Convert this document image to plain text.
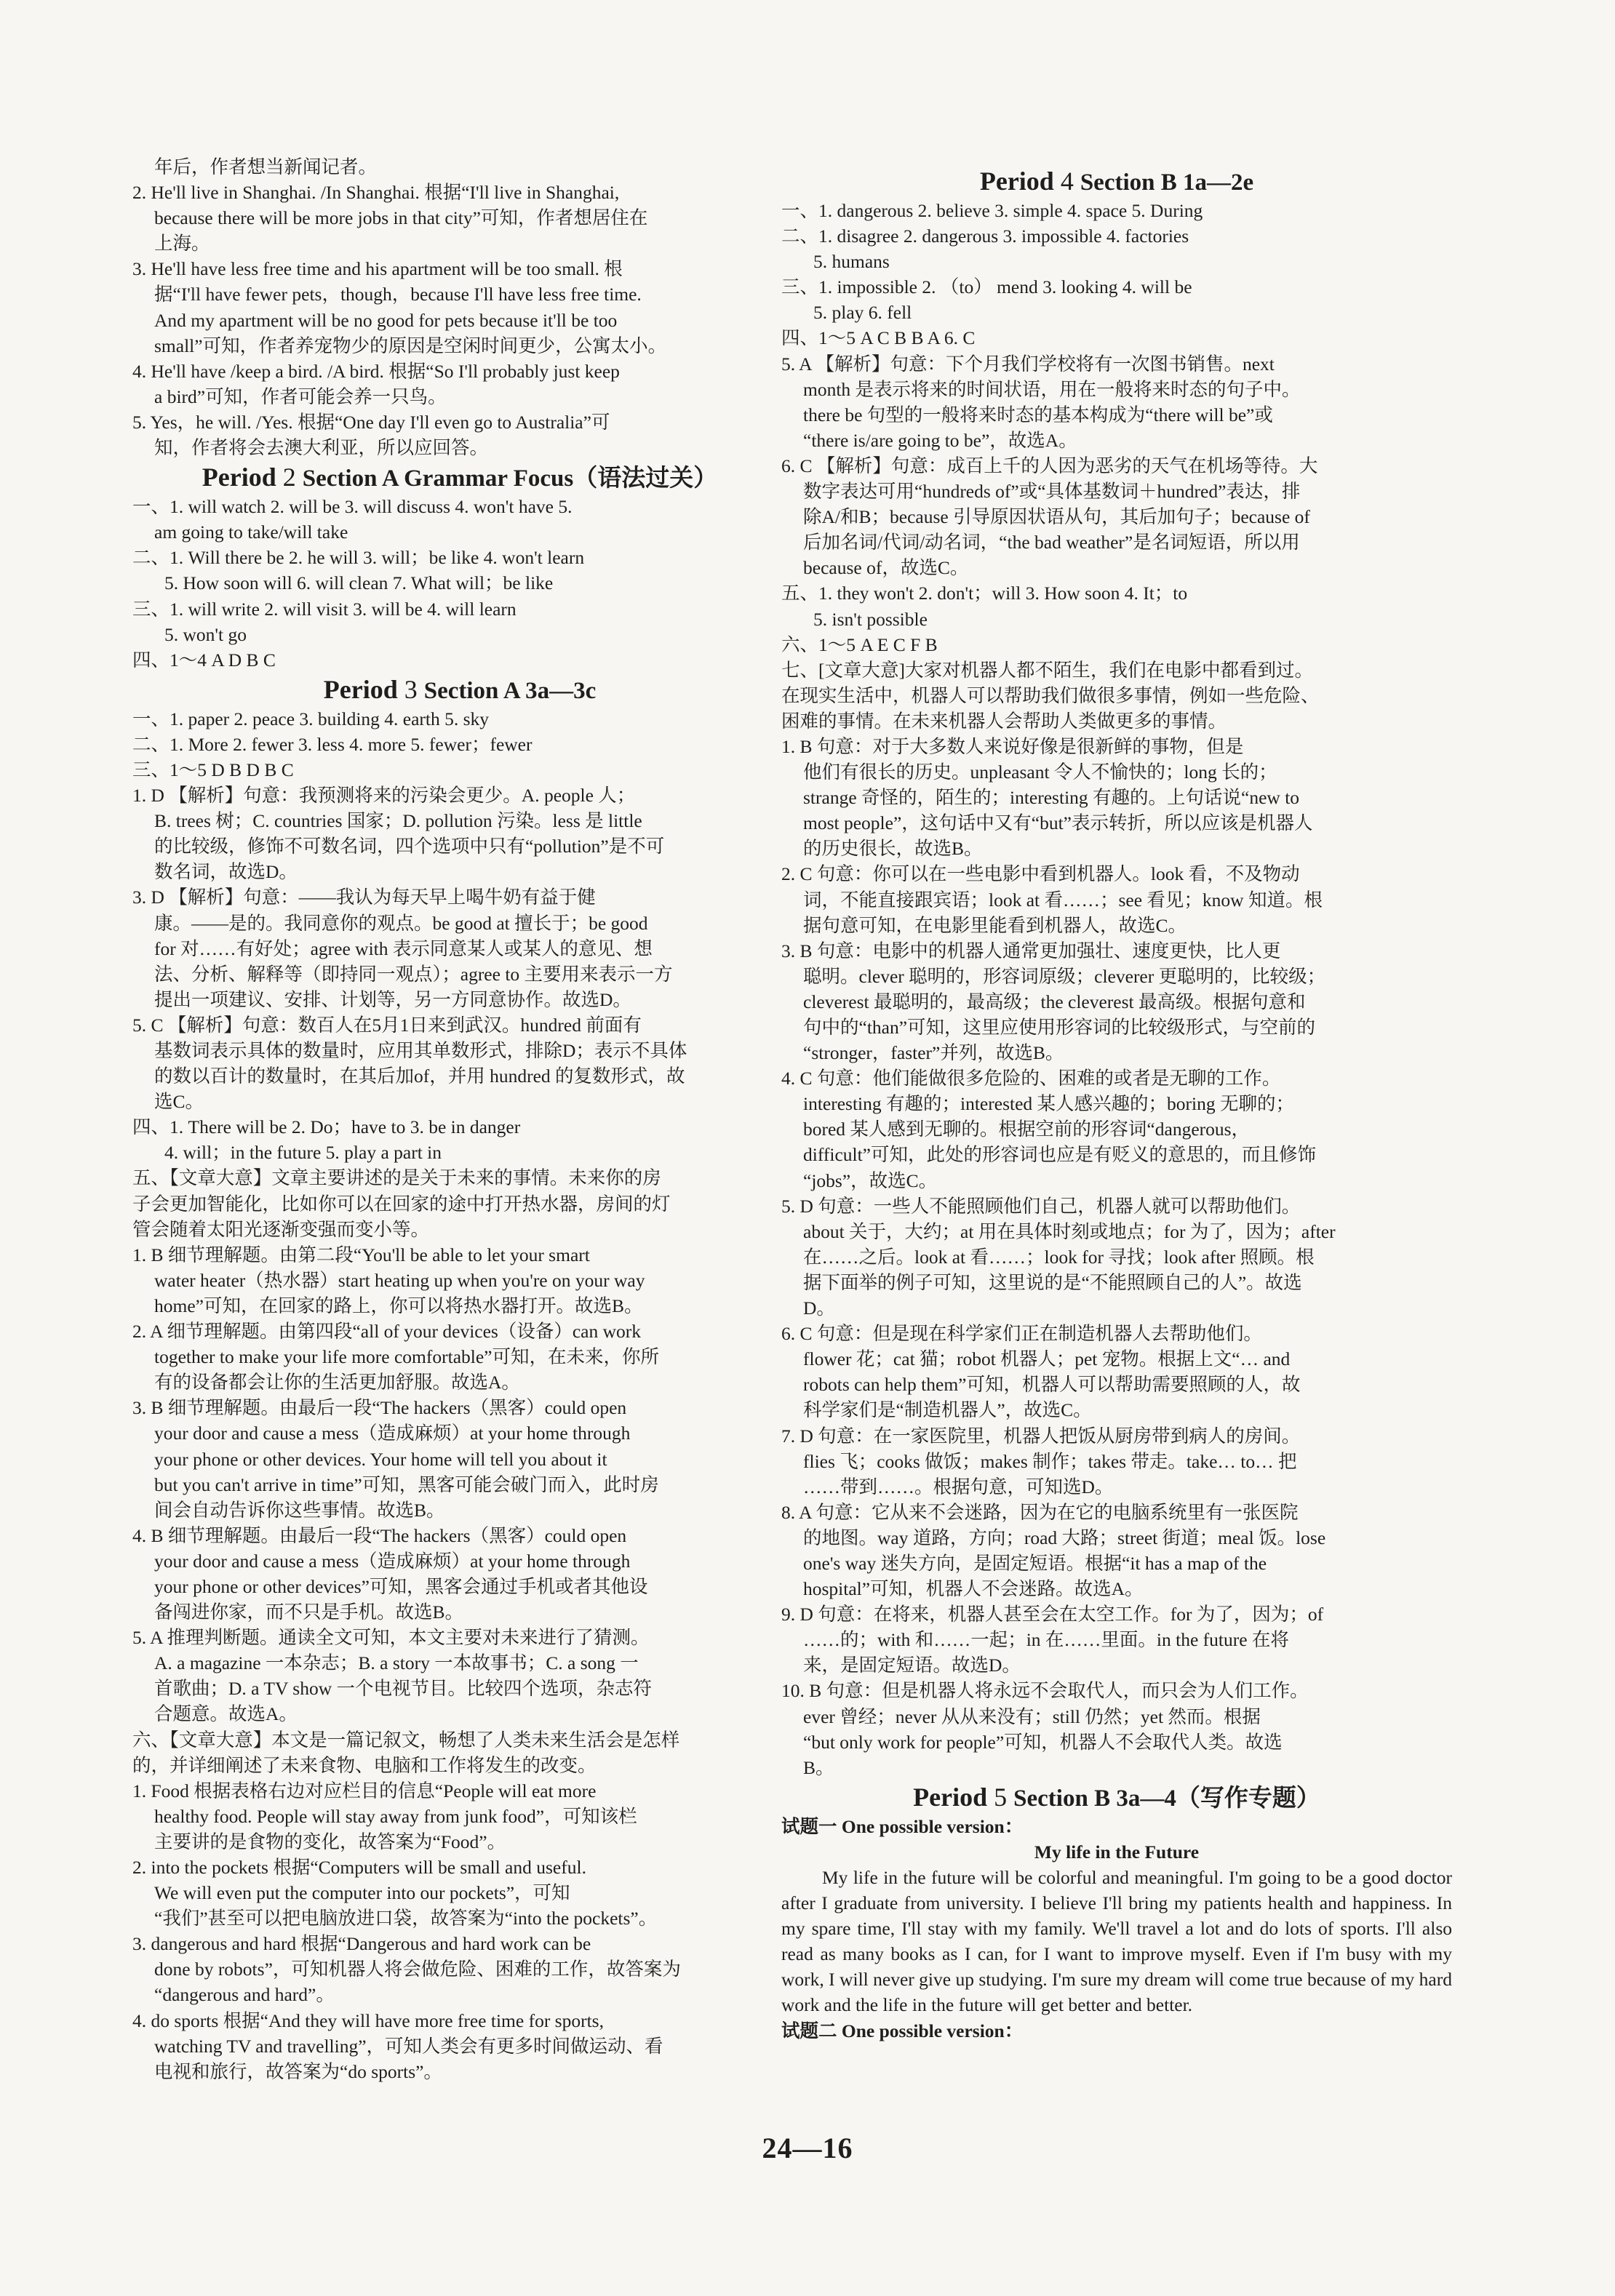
年后，作者想当新闻记者。
2. He'll live in Shanghai. /In Shanghai. 根据“I'll live in Shanghai,
because there will be more jobs in that city”可知，作者想居住在
上海。
3. He'll have less free time and his apartment will be too small. 根
据“I'll have fewer pets，though，because I'll have less free time.
And my apartment will be no good for pets because it'll be too
small”可知，作者养宠物少的原因是空闲时间更少，公寓太小。
4. He'll have /keep a bird. /A bird. 根据“So I'll probably just keep
a bird”可知，作者可能会养一只鸟。
5. Yes，he will. /Yes. 根据“One day I'll even go to Australia”可
知，作者将会去澳大利亚，所以应回答。
Period 2 Section A Grammar Focus（语法过关）
一、1. will watch 2. will be 3. will discuss 4. won't have 5.
am going to take/will take
二、1. Will there be 2. he will 3. will；be like 4. won't learn
5. How soon will 6. will clean 7. What will；be like
三、1. will write 2. will visit 3. will be 4. will learn
5. won't go
四、1～4 A D B C
Period 3 Section A 3a—3c
一、1. paper 2. peace 3. building 4. earth 5. sky
二、1. More 2. fewer 3. less 4. more 5. fewer；fewer
三、1～5 D B D B C
1. D 【解析】句意：我预测将来的污染会更少。A. people 人；
B. trees 树；C. countries 国家；D. pollution 污染。less 是 little
的比较级，修饰不可数名词，四个选项中只有“pollution”是不可
数名词，故选D。
3. D 【解析】句意：——我认为每天早上喝牛奶有益于健
康。——是的。我同意你的观点。be good at 擅长于；be good
for 对……有好处；agree with 表示同意某人或某人的意见、想
法、分析、解释等（即持同一观点）；agree to 主要用来表示一方
提出一项建议、安排、计划等，另一方同意协作。故选D。
5. C 【解析】句意：数百人在5月1日来到武汉。hundred 前面有
基数词表示具体的数量时，应用其单数形式，排除D；表示不具体
的数以百计的数量时，在其后加of，并用 hundred 的复数形式，故
选C。
四、1. There will be 2. Do；have to 3. be in danger
4. will；in the future 5. play a part in
五、【文章大意】文章主要讲述的是关于未来的事情。未来你的房
子会更加智能化，比如你可以在回家的途中打开热水器，房间的灯
管会随着太阳光逐渐变强而变小等。
1. B 细节理解题。由第二段“You'll be able to let your smart
water heater（热水器）start heating up when you're on your way
home”可知，在回家的路上，你可以将热水器打开。故选B。
2. A 细节理解题。由第四段“all of your devices（设备）can work
together to make your life more comfortable”可知，在未来，你所
有的设备都会让你的生活更加舒服。故选A。
3. B 细节理解题。由最后一段“The hackers（黑客）could open
your door and cause a mess（造成麻烦）at your home through
your phone or other devices. Your home will tell you about it
but you can't arrive in time”可知，黑客可能会破门而入，此时房
间会自动告诉你这些事情。故选B。
4. B 细节理解题。由最后一段“The hackers（黑客）could open
your door and cause a mess（造成麻烦）at your home through
your phone or other devices”可知，黑客会通过手机或者其他设
备闯进你家，而不只是手机。故选B。
5. A 推理判断题。通读全文可知，本文主要对未来进行了猜测。
A. a magazine 一本杂志；B. a story 一本故事书；C. a song 一
首歌曲；D. a TV show 一个电视节目。比较四个选项，杂志符
合题意。故选A。
六、【文章大意】本文是一篇记叙文，畅想了人类未来生活会是怎样
的，并详细阐述了未来食物、电脑和工作将发生的改变。
1. Food 根据表格右边对应栏目的信息“People will eat more
healthy food. People will stay away from junk food”，可知该栏
主要讲的是食物的变化，故答案为“Food”。
2. into the pockets 根据“Computers will be small and useful.
We will even put the computer into our pockets”，可知
“我们”甚至可以把电脑放进口袋，故答案为“into the pockets”。
3. dangerous and hard 根据“Dangerous and hard work can be
done by robots”，可知机器人将会做危险、困难的工作，故答案为
“dangerous and hard”。
4. do sports 根据“And they will have more free time for sports,
watching TV and travelling”，可知人类会有更多时间做运动、看
电视和旅行，故答案为“do sports”。
Period 4 Section B 1a—2e
一、1. dangerous 2. believe 3. simple 4. space 5. During
二、1. disagree 2. dangerous 3. impossible 4. factories
5. humans
三、1. impossible 2. （to） mend 3. looking 4. will be
5. play 6. fell
四、1～5 A C B B A 6. C
5. A 【解析】句意：下个月我们学校将有一次图书销售。next
month 是表示将来的时间状语，用在一般将来时态的句子中。
there be 句型的一般将来时态的基本构成为“there will be”或
“there is/are going to be”，故选A。
6. C 【解析】句意：成百上千的人因为恶劣的天气在机场等待。大
数字表达可用“hundreds of”或“具体基数词＋hundred”表达，排
除A/和B；because 引导原因状语从句，其后加句子；because of
后加名词/代词/动名词，“the bad weather”是名词短语，所以用
because of，故选C。
五、1. they won't 2. don't；will 3. How soon 4. It；to
5. isn't possible
六、1～5 A E C F B
七、[文章大意]大家对机器人都不陌生，我们在电影中都看到过。
在现实生活中，机器人可以帮助我们做很多事情，例如一些危险、
困难的事情。在未来机器人会帮助人类做更多的事情。
1. B 句意：对于大多数人来说好像是很新鲜的事物，但是
他们有很长的历史。unpleasant 令人不愉快的；long 长的；
strange 奇怪的，陌生的；interesting 有趣的。上句话说“new to
most people”，这句话中又有“but”表示转折，所以应该是机器人
的历史很长，故选B。
2. C 句意：你可以在一些电影中看到机器人。look 看，不及物动
词，不能直接跟宾语；look at 看……；see 看见；know 知道。根
据句意可知，在电影里能看到机器人，故选C。
3. B 句意：电影中的机器人通常更加强壮、速度更快，比人更
聪明。clever 聪明的，形容词原级；cleverer 更聪明的，比较级；
cleverest 最聪明的，最高级；the cleverest 最高级。根据句意和
句中的“than”可知，这里应使用形容词的比较级形式，与空前的
“stronger，faster”并列，故选B。
4. C 句意：他们能做很多危险的、困难的或者是无聊的工作。
interesting 有趣的；interested 某人感兴趣的；boring 无聊的；
bored 某人感到无聊的。根据空前的形容词“dangerous，
difficult”可知，此处的形容词也应是有贬义的意思的，而且修饰
“jobs”，故选C。
5. D 句意：一些人不能照顾他们自己，机器人就可以帮助他们。
about 关于，大约；at 用在具体时刻或地点；for 为了，因为；after
在……之后。look at 看……；look for 寻找；look after 照顾。根
据下面举的例子可知，这里说的是“不能照顾自己的人”。故选
D。
6. C 句意：但是现在科学家们正在制造机器人去帮助他们。
flower 花；cat 猫；robot 机器人；pet 宠物。根据上文“… and
robots can help them”可知，机器人可以帮助需要照顾的人，故
科学家们是“制造机器人”，故选C。
7. D 句意：在一家医院里，机器人把饭从厨房带到病人的房间。
flies 飞；cooks 做饭；makes 制作；takes 带走。take… to… 把
……带到……。根据句意，可知选D。
8. A 句意：它从来不会迷路，因为在它的电脑系统里有一张医院
的地图。way 道路，方向；road 大路；street 街道；meal 饭。lose
one's way 迷失方向，是固定短语。根据“it has a map of the
hospital”可知，机器人不会迷路。故选A。
9. D 句意：在将来，机器人甚至会在太空工作。for 为了，因为；of
……的；with 和……一起；in 在……里面。in the future 在将
来，是固定短语。故选D。
10. B 句意：但是机器人将永远不会取代人，而只会为人们工作。
ever 曾经；never 从从来没有；still 仍然；yet 然而。根据
“but only work for people”可知，机器人不会取代人类。故选
B。
Period 5 Section B 3a—4（写作专题）
试题一 One possible version：
My life in the Future
My life in the future will be colorful and meaningful. I'm going to be a good doctor after I graduate from university. I believe I'll bring my patients health and happiness. In my spare time, I'll stay with my family. We'll travel a lot and do lots of sports. I'll also read as many books as I can, for I want to improve myself. Even if I'm busy with my work, I will never give up studying. I'm sure my dream will come true because of my hard work and the life in the future will get better and better.
试题二 One possible version：
24—16
